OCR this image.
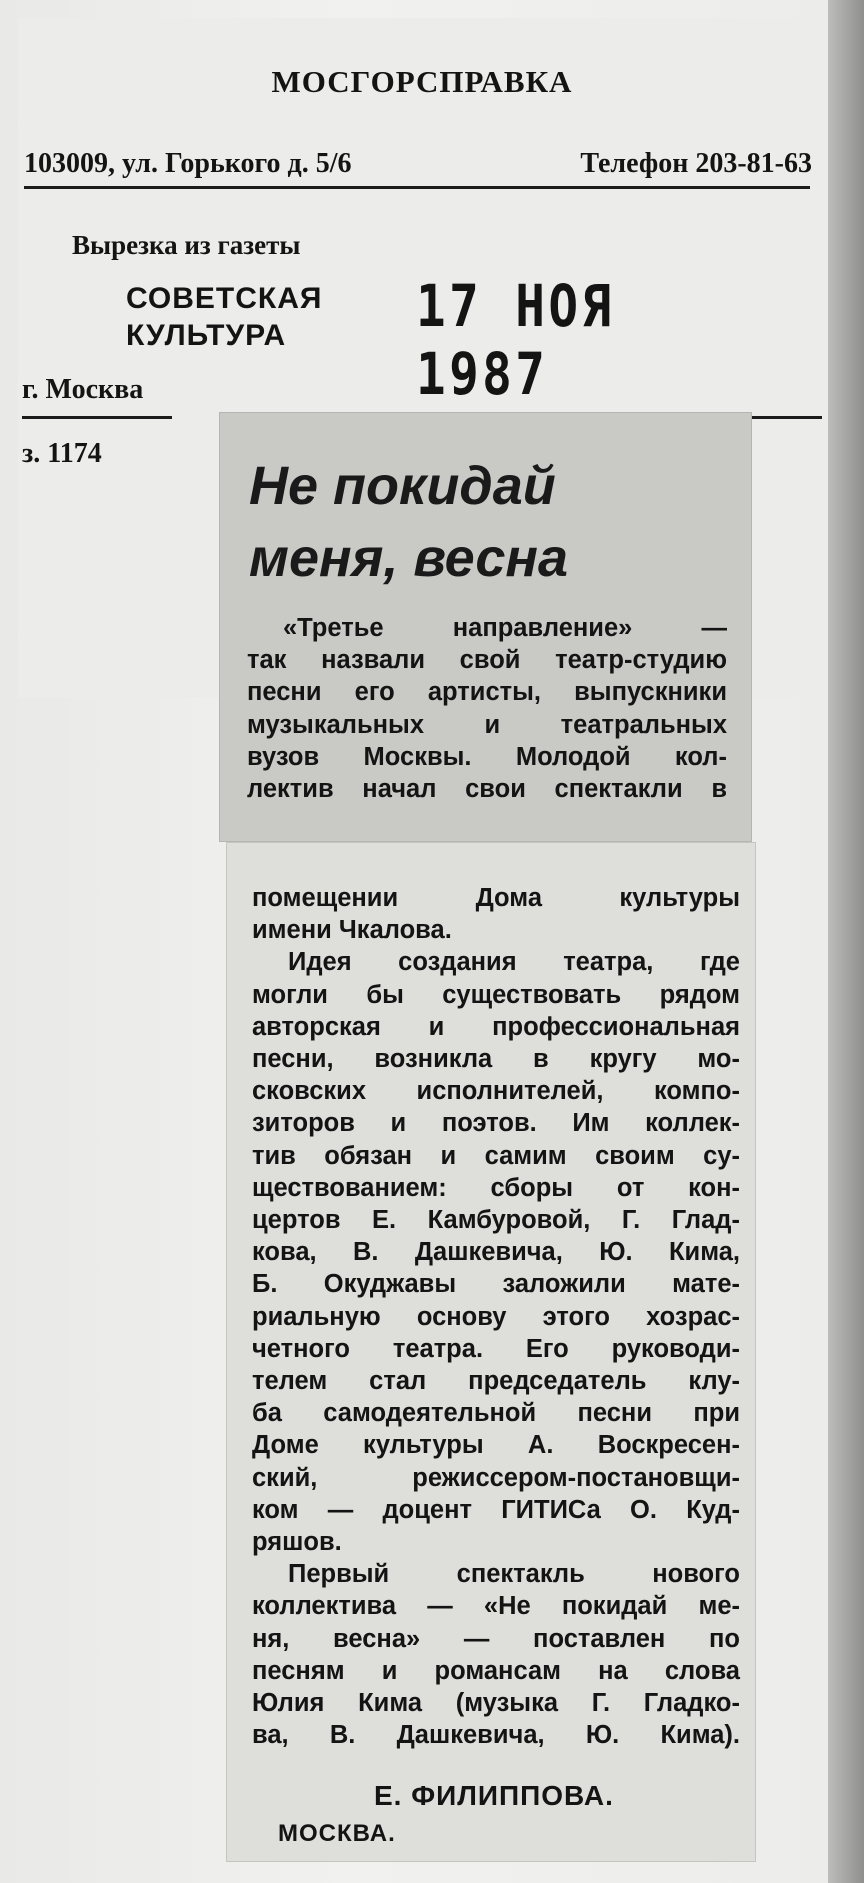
МОСГОРСПРАВКА
103009, ул. Горького д. 5/6	Телефон 203-81-63
Вырезка из газеты
СОВЕТСКАЯ
КУЛЬТУРА	17 НОЯ 1987
г. Москва
з. 1174
Не покидай
меня, весна
«Третье направление» —
так назвали свой театр-студию
песни его артисты, выпускники
музыкальных и театральных
вузов Москвы. Молодой кол-
лектив начал свои спектакли в
помещении Дома культуры
имени Чкалова.
Идея создания театра, где
могли бы существовать рядом
авторская и профессиональная
песни, возникла в кругу мо-
сковских исполнителей, компо-
зиторов и поэтов. Им коллек-
тив обязан и самим своим су-
ществованием: сборы от кон-
цертов Е. Камбуровой, Г. Глад-
кова, В. Дашкевича, Ю. Кима,
Б. Окуджавы заложили мате-
риальную основу этого хозрас-
четного театра. Его руководи-
телем стал председатель клу-
ба самодеятельной песни при
Доме культуры А. Воскресен-
ский, режиссером-постановщи-
ком — доцент ГИТИСа О. Куд-
ряшов.
Первый спектакль нового
коллектива — «Не покидай ме-
ня, весна» — поставлен по
песням и романсам на слова
Юлия Кима (музыка Г. Гладко-
ва, В. Дашкевича, Ю. Кима).
Е. ФИЛИППОВА.
МОСКВА.
